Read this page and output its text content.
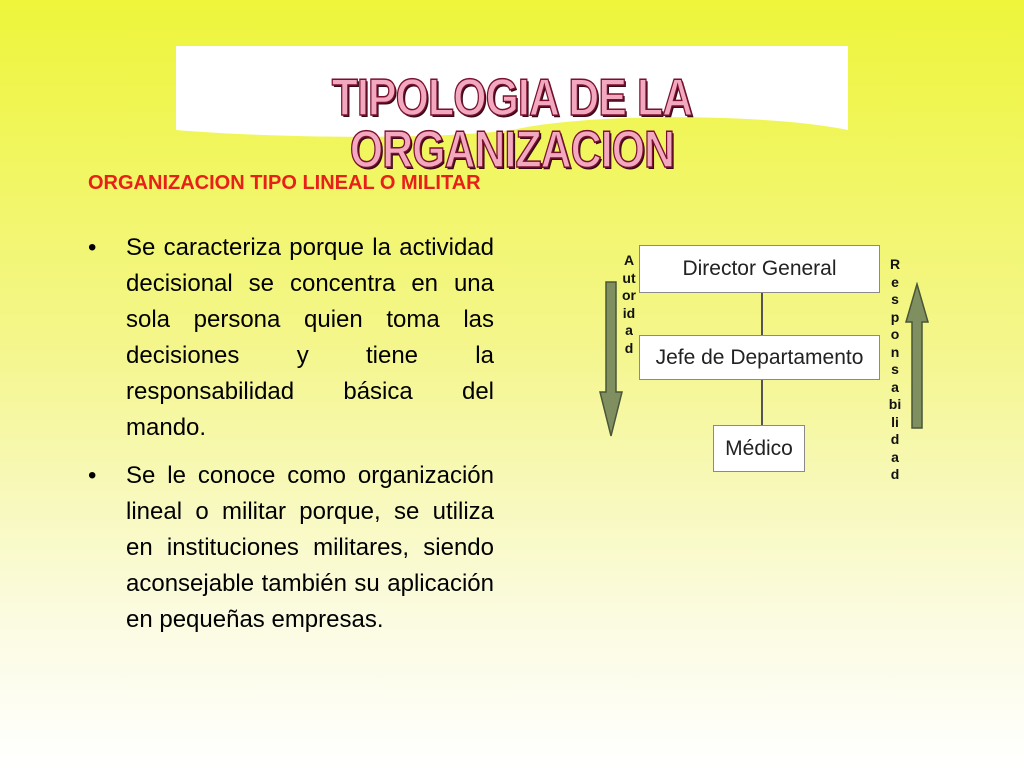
TIPOLOGIA DE LA ORGANIZACION
ORGANIZACION TIPO LINEAL O MILITAR
• Se caracteriza porque la actividad decisional se concentra en una sola persona quien toma las decisiones y tiene la responsabilidad básica del mando.
• Se le conoce como organización lineal o militar porque, se utiliza en instituciones militares, siendo aconsejable también su aplicación en pequeñas empresas.
Director General
Jefe de Departamento
Médico
Autoridad
Responsabilidad
